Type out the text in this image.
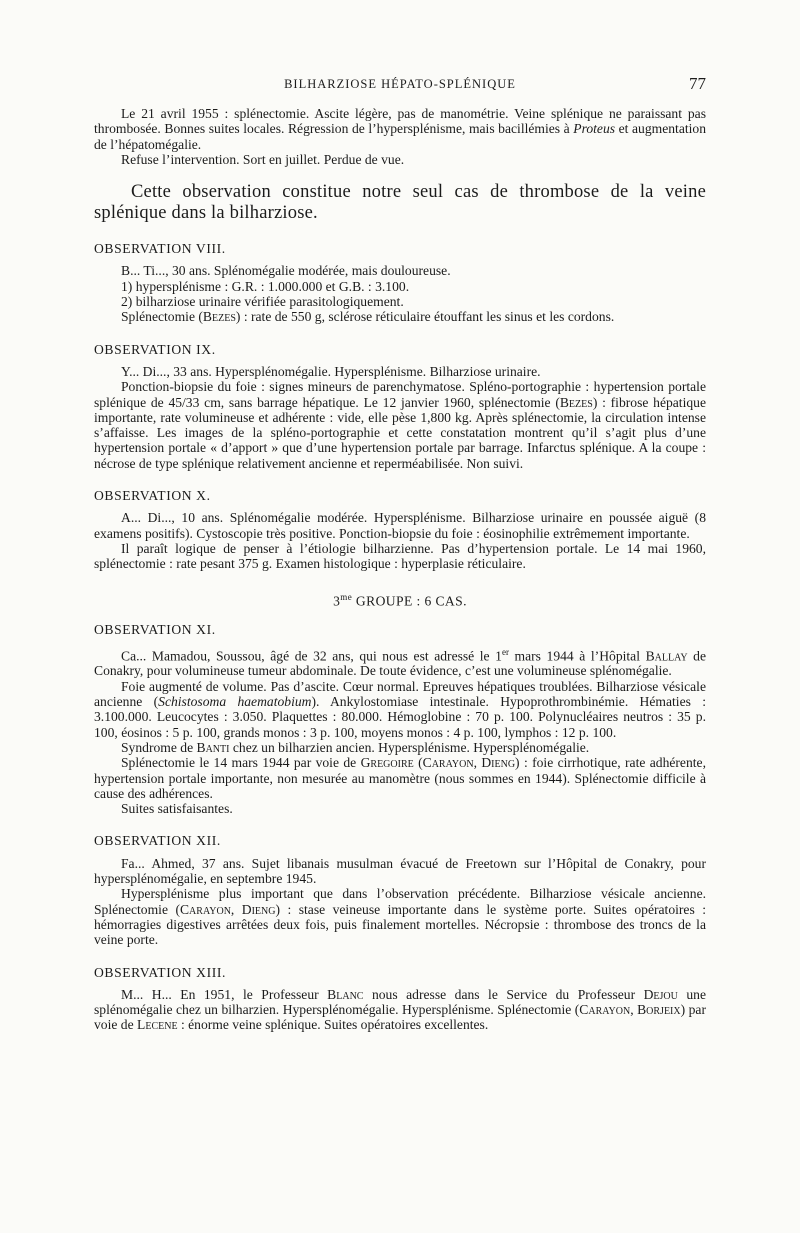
BILHARZIOSE HÉPATO-SPLÉNIQUE	77

Le 21 avril 1955 : splénectomie. Ascite légère, pas de manométrie. Veine splénique ne paraissant pas thrombosée. Bonnes suites locales. Régression de l’hypersplénisme, mais bacillémies à Proteus et augmentation de l’hépatomégalie.

Refuse l’intervention. Sort en juillet. Perdue de vue.

Cette observation constitue notre seul cas de thrombose de la veine splénique dans la bilharziose.

OBSERVATION VIII.

B... Ti..., 30 ans. Splénomégalie modérée, mais douloureuse.

1) hypersplénisme : G.R. : 1.000.000 et G.B. : 3.100.

2) bilharziose urinaire vérifiée parasitologiquement.

Splénectomie (Bezes) : rate de 550 g, sclérose réticulaire étouffant les sinus et les cordons.

OBSERVATION IX.

Y... Di..., 33 ans. Hypersplénomégalie. Hypersplénisme. Bilharziose urinaire.

Ponction-biopsie du foie : signes mineurs de parenchymatose. Spléno-portographie : hypertension portale splénique de 45/33 cm, sans barrage hépatique. Le 12 janvier 1960, splénectomie (Bezes) : fibrose hépatique importante, rate volumineuse et adhérente : vide, elle pèse 1,800 kg. Après splénectomie, la circulation intense s’affaisse. Les images de la spléno-portographie et cette constatation montrent qu’il s’agit plus d’une hypertension portale « d’apport » que d’une hypertension portale par barrage. Infarctus splénique. A la coupe : nécrose de type splénique relativement ancienne et reperméabilisée. Non suivi.

OBSERVATION X.

A... Di..., 10 ans. Splénomégalie modérée. Hypersplénisme. Bilharziose urinaire en poussée aiguë (8 examens positifs). Cystoscopie très positive. Ponction-biopsie du foie : éosinophilie extrêmement importante.

Il paraît logique de penser à l’étiologie bilharzienne. Pas d’hypertension portale. Le 14 mai 1960, splénectomie : rate pesant 375 g. Examen histologique : hyperplasie réticulaire.

$3^{me}$ GROUPE : 6 CAS.

OBSERVATION XI.

Ca... Mamadou, Soussou, âgé de 32 ans, qui nous est adressé le 1er mars 1944 à l’Hôpital Ballay de Conakry, pour volumineuse tumeur abdominale. De toute évidence, c’est une volumineuse splénomégalie.

Foie augmenté de volume. Pas d’ascite. Cœur normal. Epreuves hépatiques troublées. Bilharziose vésicale ancienne (Schistosoma haematobium). Ankylostomiase intestinale. Hypoprothrombinémie. Hématies : 3.100.000. Leucocytes : 3.050. Plaquettes : 80.000. Hémoglobine : 70 p. 100. Polynucléaires neutros : 35 p. 100, éosinos : 5 p. 100, grands monos : 3 p. 100, moyens monos : 4 p. 100, lymphos : 12 p. 100.

Syndrome de Banti chez un bilharzien ancien. Hypersplénisme. Hypersplénomégalie.

Splénectomie le 14 mars 1944 par voie de Gregoire (Carayon, Dieng) : foie cirrhotique, rate adhérente, hypertension portale importante, non mesurée au manomètre (nous sommes en 1944). Splénectomie difficile à cause des adhérences.

Suites satisfaisantes.

OBSERVATION XII.

Fa... Ahmed, 37 ans. Sujet libanais musulman évacué de Freetown sur l’Hôpital de Conakry, pour hypersplénomégalie, en septembre 1945.

Hypersplénisme plus important que dans l’observation précédente. Bilharziose vésicale ancienne. Splénectomie (Carayon, Dieng) : stase veineuse importante dans le système porte. Suites opératoires : hémorragies digestives arrêtées deux fois, puis finalement mortelles. Nécropsie : thrombose des troncs de la veine porte.

OBSERVATION XIII.

M... H... En 1951, le Professeur Blanc nous adresse dans le Service du Professeur Dejou une splénomégalie chez un bilharzien. Hypersplénomégalie. Hypersplénisme. Splénectomie (Carayon, Borjeix) par voie de Lecene : énorme veine splénique. Suites opératoires excellentes.
